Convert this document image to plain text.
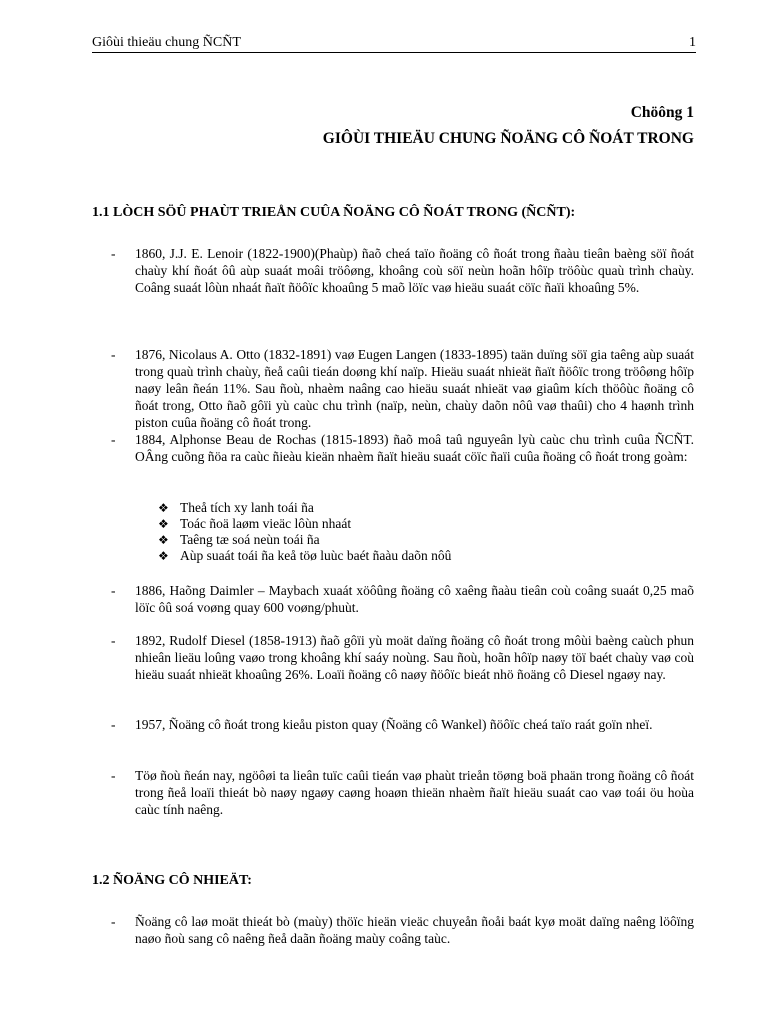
Giôùi thieäu chung ÑCÑT	1
Chöông 1
GIÔÙI THIEÄU CHUNG ÑOÄNG CÔ ÑOÁT TRONG
1.1 LÒCH SÖÛ PHAÙT TRIEÅN CUÛA ÑOÄNG CÔ ÑOÁT TRONG (ÑCÑT):
- 1860, J.J. E. Lenoir (1822-1900)(Phaùp) ñaõ cheá taïo ñoäng cô ñoát trong ñaàu tieân baèng söï ñoát chaùy khí ñoát ôû aùp suaát moâi tröôøng, khoâng coù söï neùn hoãn hôïp tröôùc quaù trình chaùy. Coâng suaát lôùn nhaát ñaït ñöôïc khoaûng 5 maõ löïc vaø hieäu suaát cöïc ñaïi khoaûng 5%.
- 1876, Nicolaus A. Otto (1832-1891) vaø Eugen Langen (1833-1895) taän duïng söï gia taêng aùp suaát trong quaù trình chaùy, ñeå caûi tieán doøng khí naïp. Hieäu suaát nhieät ñaït ñöôïc trong tröôøng hôïp naøy leân ñeán 11%. Sau ñoù, nhaèm naâng cao hieäu suaát nhieät vaø giaûm kích thöôùc ñoäng cô ñoát trong, Otto ñaõ gôïi yù caùc chu trình (naïp, neùn, chaùy daõn nôû vaø thaûi) cho 4 haønh trình piston cuûa ñoäng cô ñoát trong.
- 1884, Alphonse Beau de Rochas (1815-1893) ñaõ moâ taû nguyeân lyù caùc chu trình cuûa ÑCÑT. OÂng cuõng ñöa ra caùc ñieàu kieän nhaèm ñaït hieäu suaát cöïc ñaïi cuûa ñoäng cô ñoát trong goàm:
❖ Theå tích xy lanh toái ña
❖ Toác ñoä laøm vieäc lôùn nhaát
❖ Taêng tæ soá neùn toái ña
❖ Aùp suaát toái ña keå töø luùc baét ñaàu daõn nôû
- 1886, Haõng Daimler – Maybach xuaát xöôûng ñoäng cô xaêng ñaàu tieân coù coâng suaát 0,25 maõ löïc ôû soá voøng quay 600 voøng/phuùt.
- 1892, Rudolf Diesel (1858-1913) ñaõ gôïi yù moät daïng ñoäng cô ñoát trong môùi baèng caùch phun nhieân lieäu loûng vaøo trong khoâng khí saáy noùng. Sau ñoù, hoãn hôïp naøy töï baét chaùy vaø coù hieäu suaát nhieät khoaûng 26%. Loaïi ñoäng cô naøy ñöôïc bieát nhö ñoäng cô Diesel ngaøy nay.
- 1957, Ñoäng cô ñoát trong kieåu piston quay (Ñoäng cô Wankel) ñöôïc cheá taïo raát goïn nheï.
- Töø ñoù ñeán nay, ngöôøi ta lieân tuïc caûi tieán vaø phaùt trieån töøng boä phaän trong ñoäng cô ñoát trong ñeå loaïi thieát bò naøy ngaøy caøng hoaøn thieän nhaèm ñaït hieäu suaát cao vaø toái öu hoùa caùc tính naêng.
1.2 ÑOÄNG CÔ NHIEÄT:
- Ñoäng cô laø moät thieát bò (maùy) thöïc hieän vieäc chuyeån ñoåi baát kyø moät daïng naêng löôïng naøo ñoù sang cô naêng ñeå daãn ñoäng maùy coâng taùc.
